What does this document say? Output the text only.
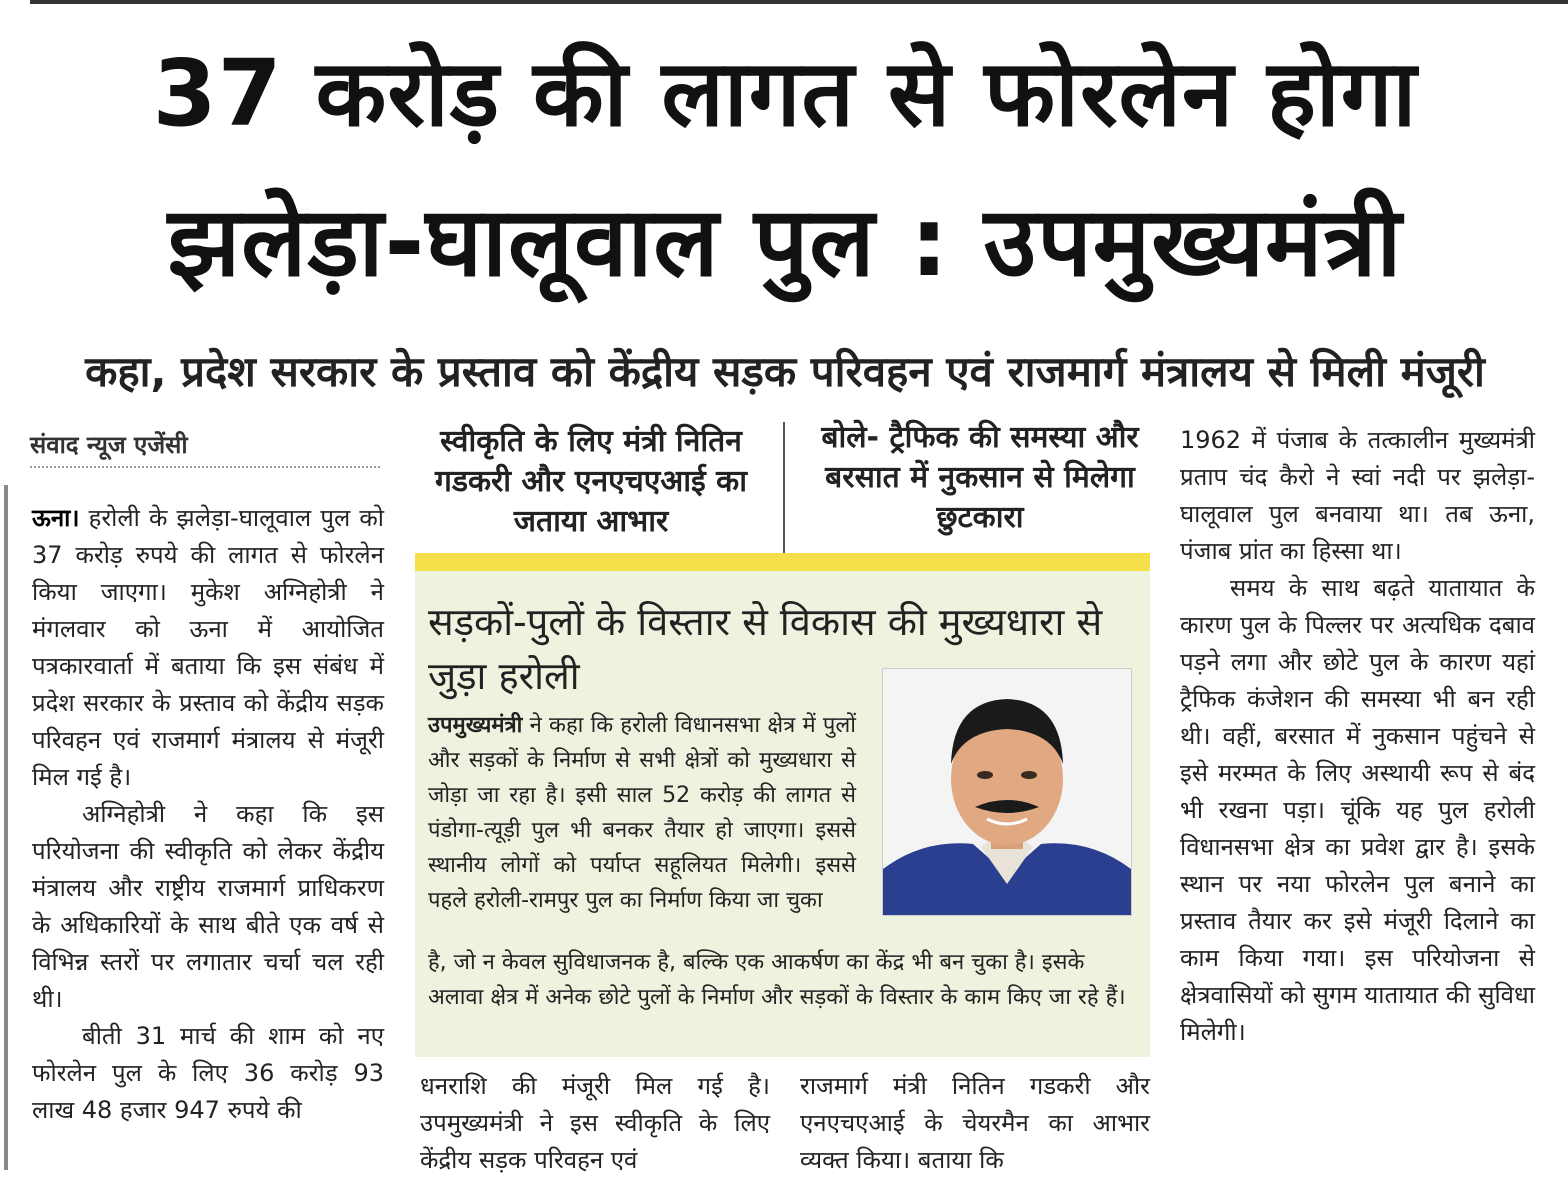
37 करोड़ की लागत से फोरलेन होगा
झलेड़ा-घालूवाल पुल : उपमुख्यमंत्री
कहा, प्रदेश सरकार के प्रस्ताव को केंद्रीय सड़क परिवहन एवं राजमार्ग मंत्रालय से मिली मंजूरी
संवाद न्यूज एजेंसी

ऊना। हरोली के झलेड़ा-घालूवाल पुल को 37 करोड़ रुपये की लागत से फोरलेन किया जाएगा। मुकेश अग्निहोत्री ने मंगलवार को ऊना में आयोजित पत्रकारवार्ता में बताया कि इस संबंध में प्रदेश सरकार के प्रस्ताव को केंद्रीय सड़क परिवहन एवं राजमार्ग मंत्रालय से मंजूरी मिल गई है।

अग्निहोत्री ने कहा कि इस परियोजना की स्वीकृति को लेकर केंद्रीय मंत्रालय और राष्ट्रीय राजमार्ग प्राधिकरण के अधिकारियों के साथ बीते एक वर्ष से विभिन्न स्तरों पर लगातार चर्चा चल रही थी।

बीती 31 मार्च की शाम को नए फोरलेन पुल के लिए 36 करोड़ 93 लाख 48 हजार 947 रुपये की

स्वीकृति के लिए मंत्री नितिन गडकरी और एनएचएआई का जताया आभार
बोले- ट्रैफिक की समस्या और बरसात में नुकसान से मिलेगा छुटकारा
सड़कों-पुलों के विस्तार से विकास की मुख्यधारा से जुड़ा हरोली
उपमुख्यमंत्री ने कहा कि हरोली विधानसभा क्षेत्र में पुलों और सड़कों के निर्माण से सभी क्षेत्रों को मुख्यधारा से जोड़ा जा रहा है। इसी साल 52 करोड़ की लागत से पंडोगा-त्यूड़ी पुल भी बनकर तैयार हो जाएगा। इससे स्थानीय लोगों को पर्याप्त सहूलियत मिलेगी। इससे पहले हरोली-रामपुर पुल का निर्माण किया जा चुका
है, जो न केवल सुविधाजनक है, बल्कि एक आकर्षण का केंद्र भी बन चुका है। इसके अलावा क्षेत्र में अनेक छोटे पुलों के निर्माण और सड़कों के विस्तार के काम किए जा रहे हैं।
धनराशि की मंजूरी मिल गई है। उपमुख्यमंत्री ने इस स्वीकृति के लिए केंद्रीय सड़क परिवहन एवं
राजमार्ग मंत्री नितिन गडकरी और एनएचएआई के चेयरमैन का आभार व्यक्त किया। बताया कि

1962 में पंजाब के तत्कालीन मुख्यमंत्री प्रताप चंद कैरो ने स्वां नदी पर झलेड़ा-घालूवाल पुल बनवाया था। तब ऊना, पंजाब प्रांत का हिस्सा था।

समय के साथ बढ़ते यातायात के कारण पुल के पिल्लर पर अत्यधिक दबाव पड़ने लगा और छोटे पुल के कारण यहां ट्रैफिक कंजेशन की समस्या भी बन रही थी। वहीं, बरसात में नुकसान पहुंचने से इसे मरम्मत के लिए अस्थायी रूप से बंद भी रखना पड़ा। चूंकि यह पुल हरोली विधानसभा क्षेत्र का प्रवेश द्वार है। इसके स्थान पर नया फोरलेन पुल बनाने का प्रस्ताव तैयार कर इसे मंजूरी दिलाने का काम किया गया। इस परियोजना से क्षेत्रवासियों को सुगम यातायात की सुविधा मिलेगी।
